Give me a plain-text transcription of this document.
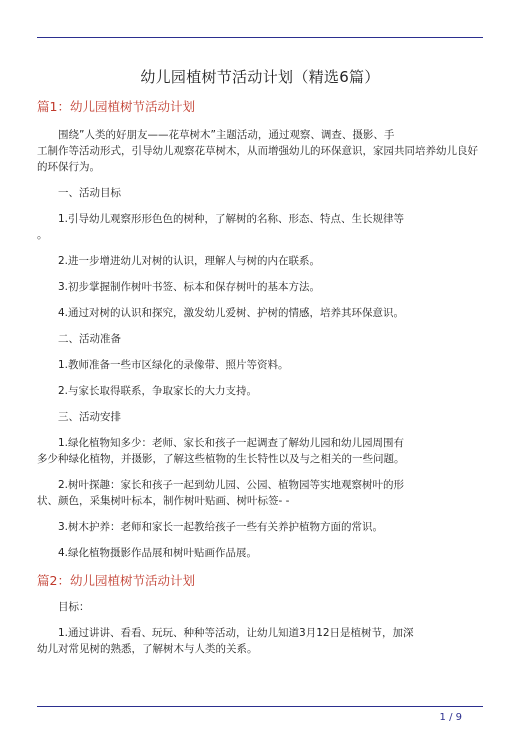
幼儿园植树节活动计划（精选6篇）
篇1：幼儿园植树节活动计划
围绕”人类的好朋友——花草树木”主题活动，通过观察、调查、摄影、手
工制作等活动形式，引导幼儿观察花草树木，从而增强幼儿的环保意识，家园共同培养幼儿良好
的环保行为。
一、活动目标
1.引导幼儿观察形形色色的树种，了解树的名称、形态、特点、生长规律等
。
2.进一步增进幼儿对树的认识，理解人与树的内在联系。
3.初步掌握制作树叶书签、标本和保存树叶的基本方法。
4.通过对树的认识和探究，激发幼儿爱树、护树的情感，培养其环保意识。
二、活动准备
1.教师准备一些市区绿化的录像带、照片等资料。
2.与家长取得联系，争取家长的大力支持。
三、活动安排
1.绿化植物知多少：老师、家长和孩子一起调查了解幼儿园和幼儿园周围有
多少种绿化植物，并摄影，了解这些植物的生长特性以及与之相关的一些问题。
2.树叶探趣：家长和孩子一起到幼儿园、公园、植物园等实地观察树叶的形
状、颜色，采集树叶标本，制作树叶贴画、树叶标签- -
3.树木护养：老师和家长一起教给孩子一些有关养护植物方面的常识。
4.绿化植物摄影作品展和树叶贴画作品展。
篇2：幼儿园植树节活动计划
目标：
1.通过讲讲、看看、玩玩、种种等活动，让幼儿知道3月12日是植树节，加深
幼儿对常见树的熟悉，了解树木与人类的关系。
1 / 9
